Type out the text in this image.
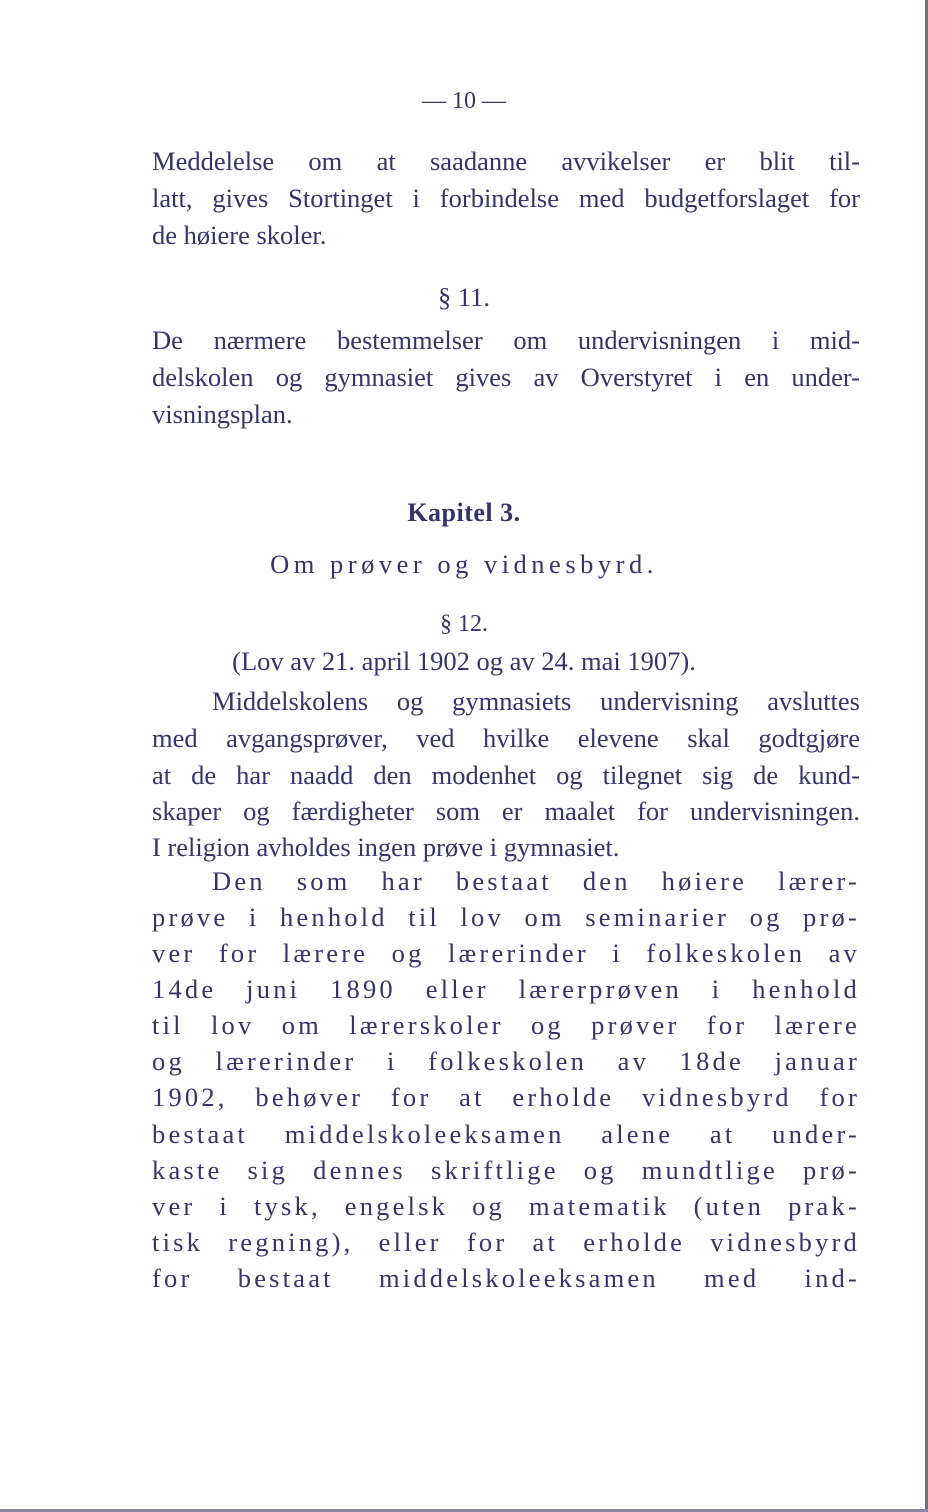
— 10 —
Meddelelse om at saadanne avvikelser er blit til-
latt, gives Stortinget i forbindelse med budgetforslaget for
de høiere skoler.
§ 11.
De nærmere bestemmelser om undervisningen i mid-
delskolen og gymnasiet gives av Overstyret i en under-
visningsplan.
Kapitel 3.
Om prøver og vidnesbyrd.
§ 12.
(Lov av 21. april 1902 og av 24. mai 1907).
Middelskolens og gymnasiets undervisning avsluttes
med avgangsprøver, ved hvilke elevene skal godtgjøre
at de har naadd den modenhet og tilegnet sig de kund-
skaper og færdigheter som er maalet for undervisningen.
I religion avholdes ingen prøve i gymnasiet.
Den som har bestaat den høiere lærer-
prøve i henhold til lov om seminarier og prø-
ver for lærere og lærerinder i folkeskolen av
14de juni 1890 eller lærerprøven i henhold
til lov om lærerskoler og prøver for lærere
og lærerinder i folkeskolen av 18de januar
1902, behøver for at erholde vidnesbyrd for
bestaat middelskoleeksamen alene at under-
kaste sig dennes skriftlige og mundtlige prø-
ver i tysk, engelsk og matematik (uten prak-
tisk regning), eller for at erholde vidnesbyrd
for bestaat middelskoleeksamen med ind-
